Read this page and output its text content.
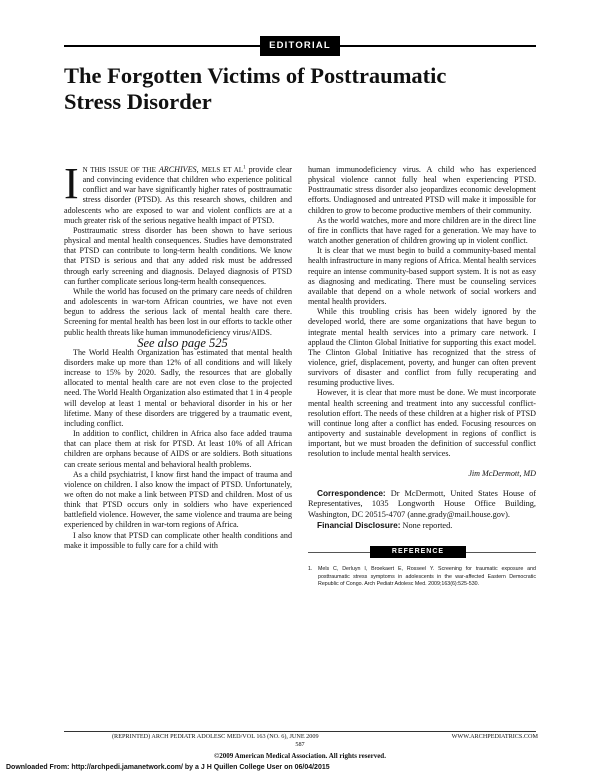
EDITORIAL
The Forgotten Victims of Posttraumatic
Stress Disorder

I N THIS ISSUE OF THE ARCHIVES, MELS ET $AL^1$ provide clear and convincing evidence that children who experience political conflict and war have significantly higher rates of posttraumatic stress disorder (PTSD). As this research shows, children and adolescents who are exposed to war and violent conflicts are at a much greater risk of the serious negative health impact of PTSD.

Posttraumatic stress disorder has been shown to have serious physical and mental health consequences. Studies have demonstrated that PTSD can contribute to long-term health conditions. We know that PTSD is serious and that any added risk must be addressed through early screening and diagnosis. Delayed diagnosis of PTSD can further complicate serious long-term health consequences.

While the world has focused on the primary care needs of children and adolescents in war-torn African countries, we have not even begun to address the serious lack of mental health care there. Screening for mental health has been lost in our efforts to tackle other public health threats like human immunodeficiency virus/AIDS.

See also page 525

The World Health Organization has estimated that mental health disorders make up more than 12% of all conditions and will likely increase to 15% by 2020. Sadly, the resources that are globally allocated to mental health care are not even close to the projected need. The World Health Organization also estimated that 1 in 4 people will develop at least 1 mental or behavioral disorder in his or her lifetime. Many of these disorders are triggered by a traumatic event, including conflict.

In addition to conflict, children in Africa also face added trauma that can place them at risk for PTSD. At least 10% of all African children are orphans because of AIDS or are soldiers. Both situations can create serious mental and behavioral health problems.

As a child psychiatrist, I know first hand the impact of trauma and violence on children. I also know the impact of PTSD. Unfortunately, we often do not make a link between PTSD and children. Most of us think that PTSD occurs only in soldiers who have experienced battlefield violence. However, the same violence and trauma are being experienced by children in war-torn regions of Africa.

I also know that PTSD can complicate other health conditions and make it impossible to fully care for a child with

human immunodeficiency virus. A child who has experienced physical violence cannot fully heal when experiencing PTSD. Posttraumatic stress disorder also jeopardizes economic development efforts. Undiagnosed and untreated PTSD will make it impossible for children to grow to become productive members of their community.

As the world watches, more and more children are in the direct line of fire in conflicts that have raged for a generation. We may have to watch another generation of children growing up in violent conflict.

It is clear that we must begin to build a community-based mental health infrastructure in many regions of Africa. Mental health services require an intense community-based support system. It is not as easy as diagnosing and medicating. There must be counseling services available that depend on a whole network of social workers and mental health providers.

While this troubling crisis has been widely ignored by the developed world, there are some organizations that have begun to integrate mental health services into a primary care network. I applaud the Clinton Global Initiative for supporting this exact model. The Clinton Global Initiative has recognized that the stress of violence, grief, displacement, poverty, and hunger can often prevent survivors of disaster and conflict from fully recuperating and resuming productive lives.

However, it is clear that more must be done. We must incorporate mental health screening and treatment into any successful conflict-resolution effort. The needs of these children at a higher risk of PTSD will continue long after a conflict has ended. Focusing resources on antipoverty and sustainable development in regions of conflict is important, but we must broaden the definition of successful conflict resolution to include mental health services.

Jim McDermott, MD

Correspondence: Dr McDermott, United States House of Representatives, 1035 Longworth House Office Building, Washington, DC 20515-4707 (anne.grady@mail.house.gov).

Financial Disclosure: None reported.

REFERENCE
1. Mels C, Derluyn I, Broekaert E, Rosseel Y. Screening for traumatic exposure and posttraumatic stress symptoms in adolescents in the war-affected Eastern Democratic Republic of Congo. Arch Pediatr Adolesc Med. 2009;163(6):525-530.
(REPRINTED) ARCH PEDIATR ADOLESC MED/VOL 163 (NO. 6), JUNE 2009	WWW.ARCHPEDIATRICS.COM
587
©2009 American Medical Association. All rights reserved.
Downloaded From: http://archpedi.jamanetwork.com/ by a J H Quillen College User on 06/04/2015
